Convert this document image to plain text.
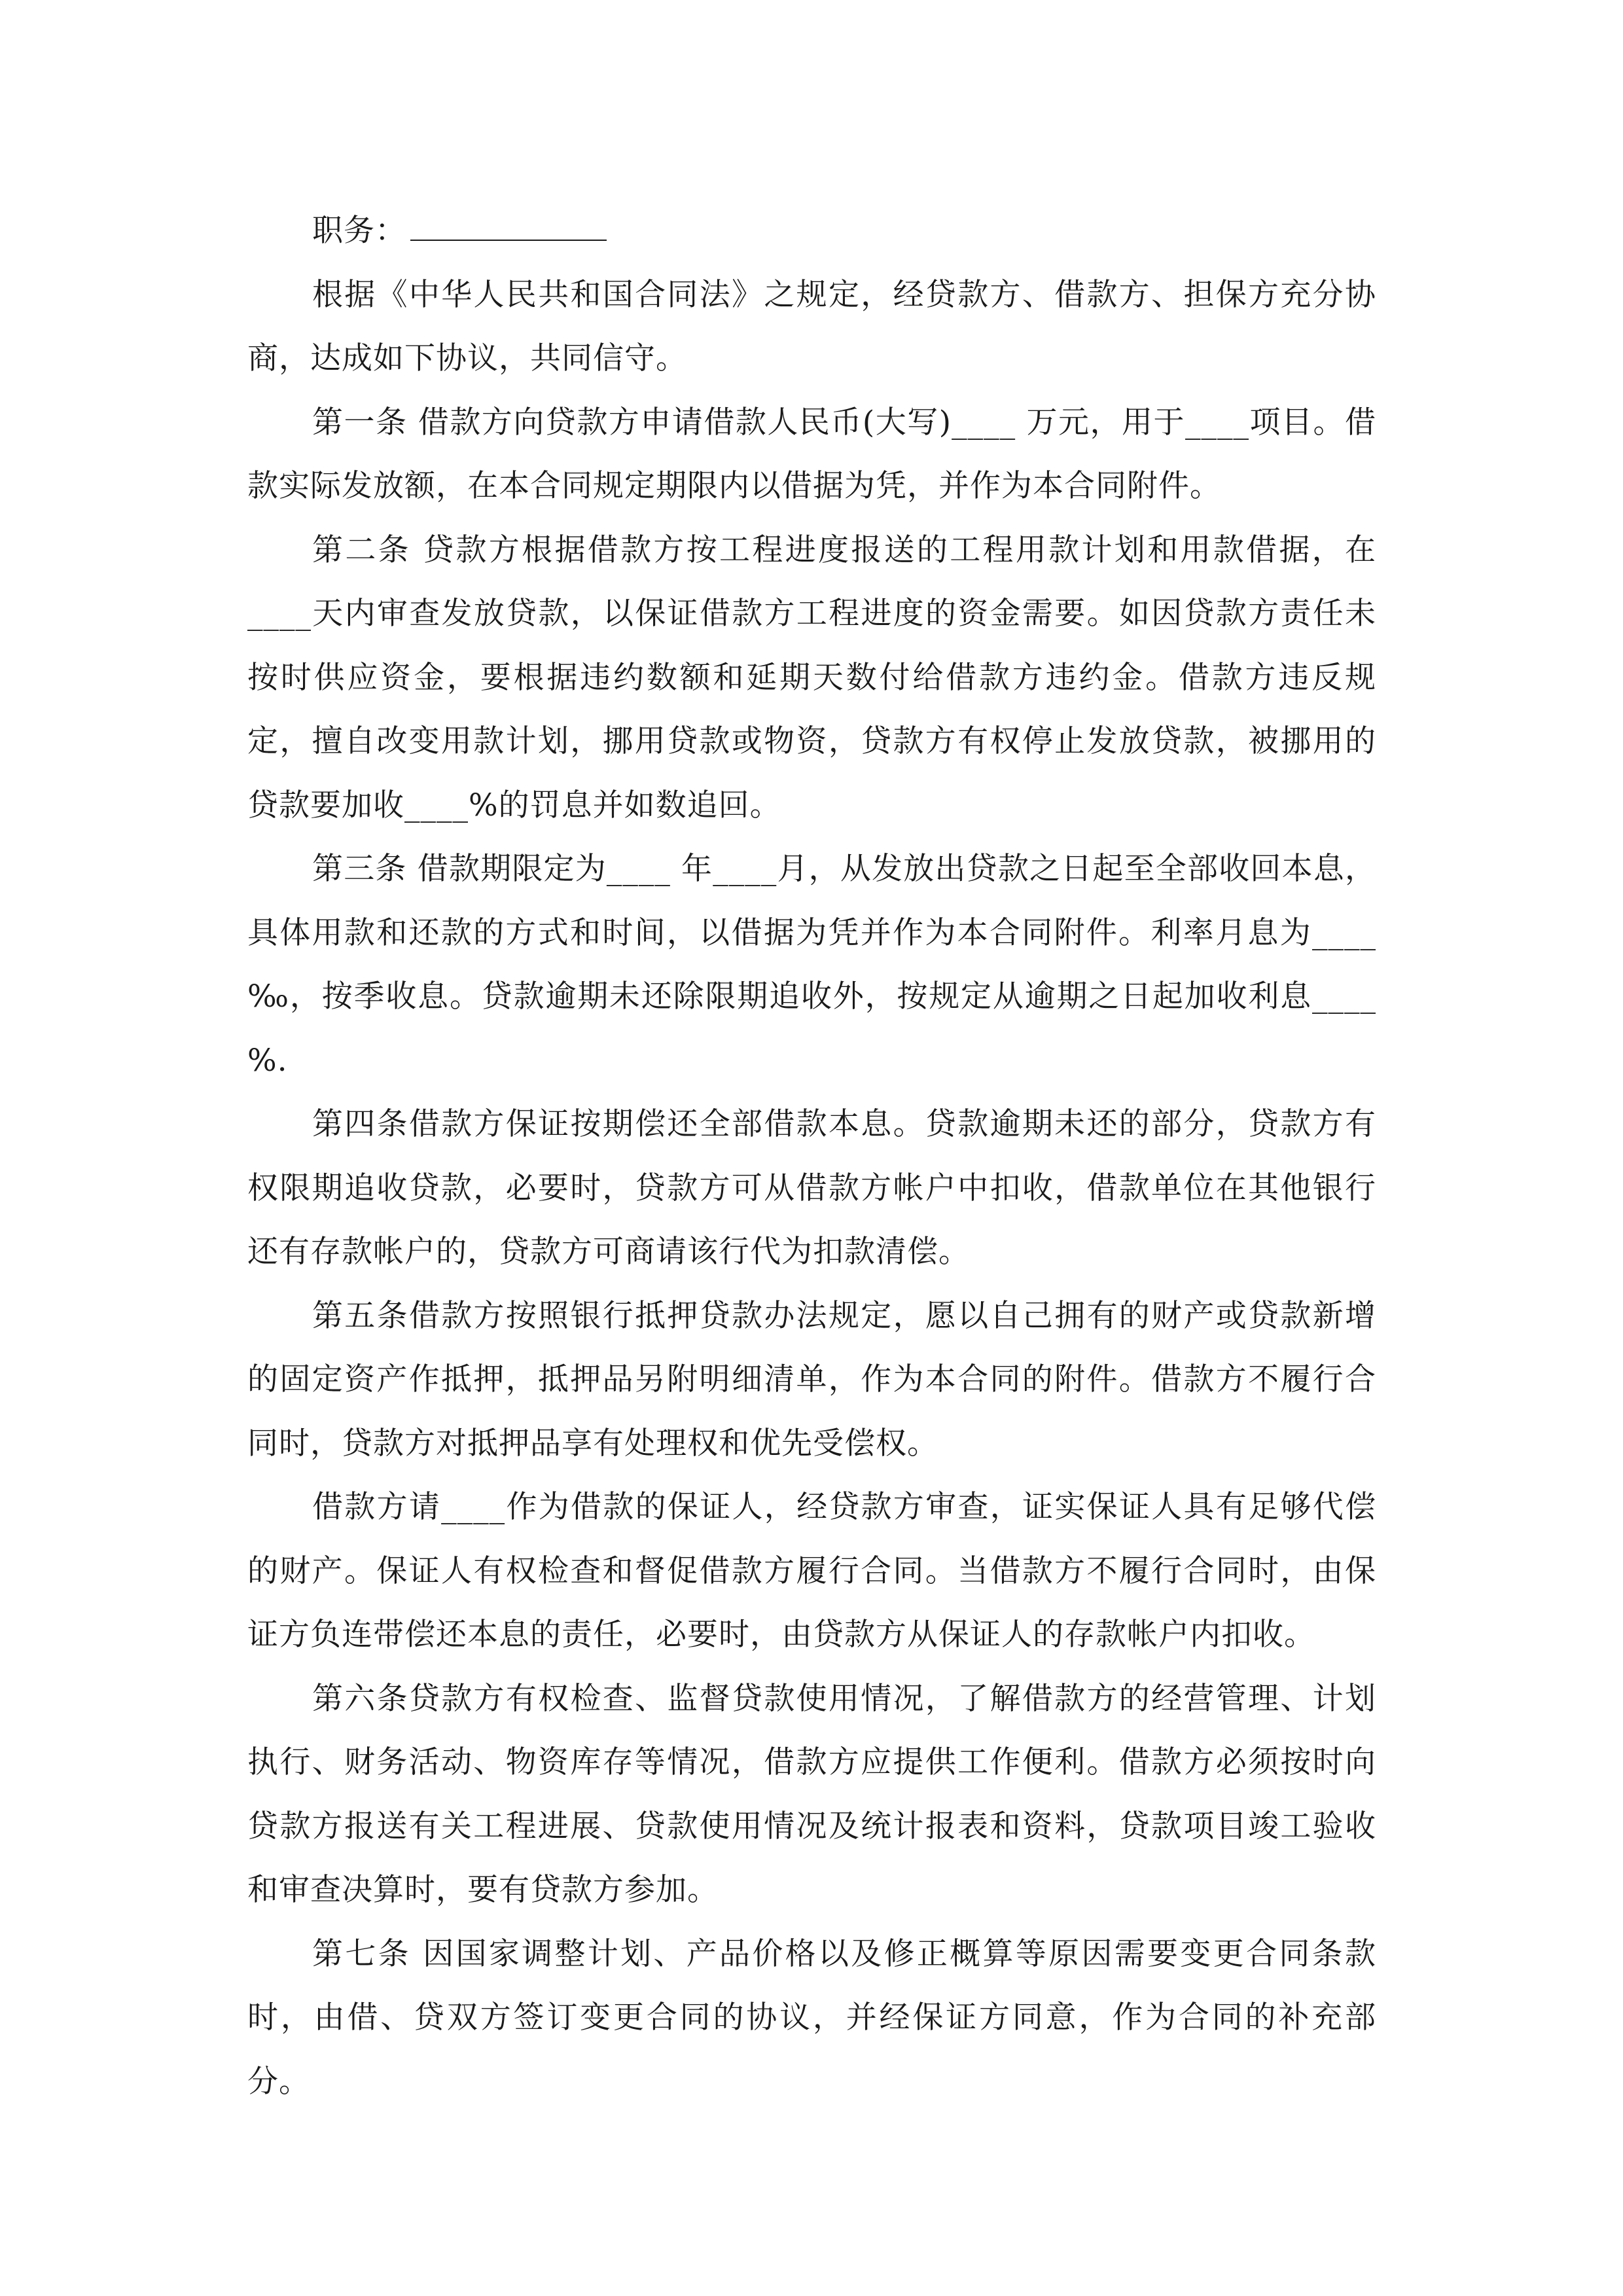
职务：

根据《中华人民共和国合同法》之规定，经贷款方、借款方、担保方充分协商，达成如下协议，共同信守。

第一条 借款方向贷款方申请借款人民币(大写)____ 万元，用于____项目。借款实际发放额，在本合同规定期限内以借据为凭，并作为本合同附件。

第二条 贷款方根据借款方按工程进度报送的工程用款计划和用款借据，在____天内审查发放贷款，以保证借款方工程进度的资金需要。如因贷款方责任未按时供应资金，要根据违约数额和延期天数付给借款方违约金。借款方违反规定，擅自改变用款计划，挪用贷款或物资，贷款方有权停止发放贷款，被挪用的贷款要加收____%的罚息并如数追回。

第三条 借款期限定为____ 年____月，从发放出贷款之日起至全部收回本息，具体用款和还款的方式和时间，以借据为凭并作为本合同附件。利率月息为____ ‰，按季收息。贷款逾期未还除限期追收外，按规定从逾期之日起加收利息____ %.

第四条借款方保证按期偿还全部借款本息。贷款逾期未还的部分，贷款方有权限期追收贷款，必要时，贷款方可从借款方帐户中扣收，借款单位在其他银行还有存款帐户的，贷款方可商请该行代为扣款清偿。

第五条借款方按照银行抵押贷款办法规定，愿以自己拥有的财产或贷款新增的固定资产作抵押，抵押品另附明细清单，作为本合同的附件。借款方不履行合同时，贷款方对抵押品享有处理权和优先受偿权。

借款方请____作为借款的保证人，经贷款方审查，证实保证人具有足够代偿的财产。保证人有权检查和督促借款方履行合同。当借款方不履行合同时，由保证方负连带偿还本息的责任，必要时，由贷款方从保证人的存款帐户内扣收。

第六条贷款方有权检查、监督贷款使用情况，了解借款方的经营管理、计划执行、财务活动、物资库存等情况，借款方应提供工作便利。借款方必须按时向贷款方报送有关工程进展、贷款使用情况及统计报表和资料，贷款项目竣工验收和审查决算时，要有贷款方参加。

第七条 因国家调整计划、产品价格以及修正概算等原因需要变更合同条款时，由借、贷双方签订变更合同的协议，并经保证方同意，作为合同的补充部分。
